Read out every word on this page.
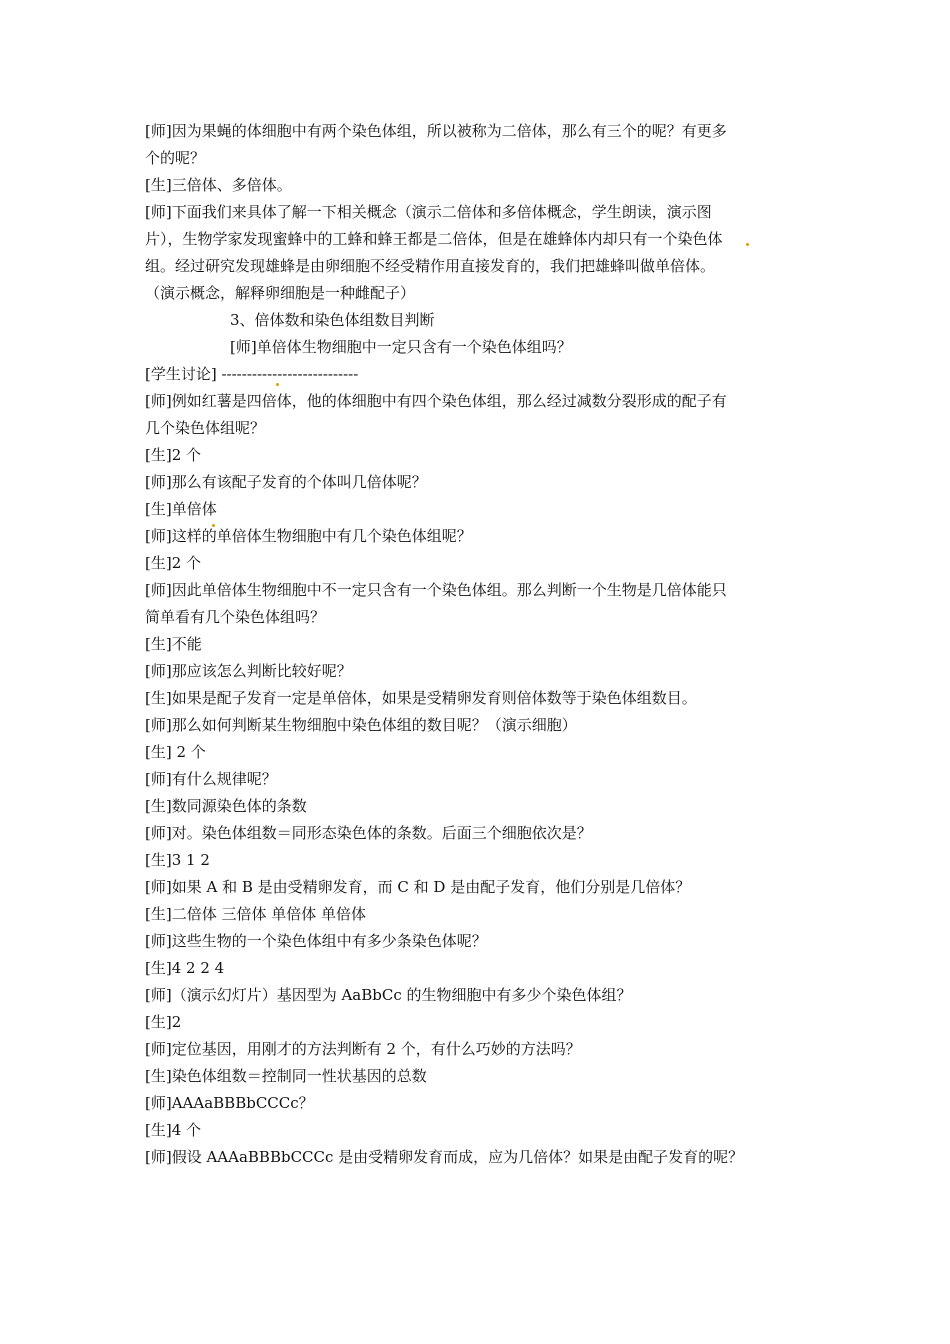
[师]因为果蝇的体细胞中有两个染色体组，所以被称为二倍体，那么有三个的呢？有更多
个的呢？
[生]三倍体、多倍体。
[师]下面我们来具体了解一下相关概念（演示二倍体和多倍体概念，学生朗读，演示图
片），生物学家发现蜜蜂中的工蜂和蜂王都是二倍体，但是在雄蜂体内却只有一个染色体
组。经过研究发现雄蜂是由卵细胞不经受精作用直接发育的，我们把雄蜂叫做单倍体。
（演示概念，解释卵细胞是一种雌配子）
3、倍体数和染色体组数目判断
[师]单倍体生物细胞中一定只含有一个染色体组吗？
[学生讨论] ---------------------------
[师]例如红薯是四倍体，他的体细胞中有四个染色体组，那么经过减数分裂形成的配子有
几个染色体组呢？
[生]2 个
[师]那么有该配子发育的个体叫几倍体呢？
[生]单倍体
[师]这样的单倍体生物细胞中有几个染色体组呢？
[生]2 个
[师]因此单倍体生物细胞中不一定只含有一个染色体组。那么判断一个生物是几倍体能只
简单看有几个染色体组吗？
[生]不能
[师]那应该怎么判断比较好呢？
[生]如果是配子发育一定是单倍体，如果是受精卵发育则倍体数等于染色体组数目。
[师]那么如何判断某生物细胞中染色体组的数目呢？（演示细胞）
[生] 2 个
[师]有什么规律呢？
[生]数同源染色体的条数
[师]对。染色体组数＝同形态染色体的条数。后面三个细胞依次是？
[生]3 1 2
[师]如果 A 和 B 是由受精卵发育，而 C 和 D 是由配子发育，他们分别是几倍体？
[生]二倍体 三倍体 单倍体 单倍体
[师]这些生物的一个染色体组中有多少条染色体呢？
[生]4 2 2 4
[师]（演示幻灯片）基因型为 AaBbCc 的生物细胞中有多少个染色体组？
[生]2
[师]定位基因，用刚才的方法判断有 2 个，有什么巧妙的方法吗？
[生]染色体组数＝控制同一性状基因的总数
[师]AAAaBBBbCCCc？
[生]4 个
[师]假设 AAAaBBBbCCCc 是由受精卵发育而成，应为几倍体？如果是由配子发育的呢？
